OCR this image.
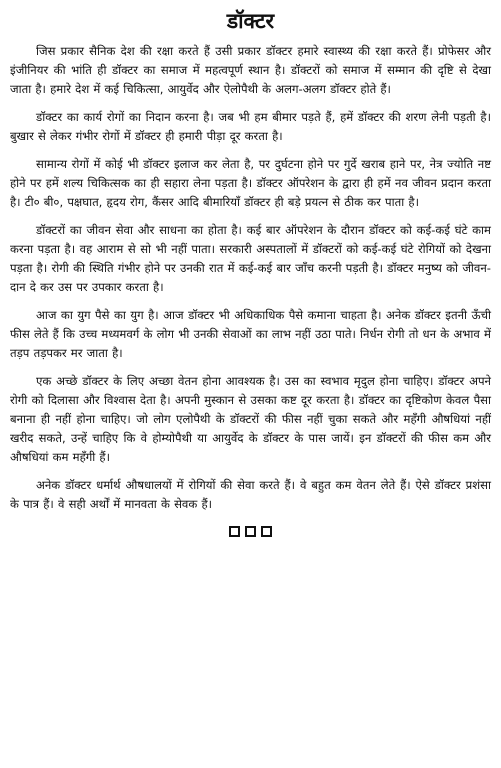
डॉक्टर

जिस प्रकार सैनिक देश की रक्षा करते हैं उसी प्रकार डॉक्टर हमारे स्वास्थ्य की रक्षा करते हैं। प्रोफेसर और इंजीनियर की भांति ही डॉक्टर का समाज में महत्वपूर्ण स्थान है। डॉक्टरों को समाज में सम्मान की दृष्टि से देखा जाता है। हमारे देश में कई चिकित्सा, आयुर्वेद और ऐलोपैथी के अलग-अलग डॉक्टर होते हैं।

डॉक्टर का कार्य रोगों का निदान करना है। जब भी हम बीमार पड़ते हैं, हमें डॉक्टर की शरण लेनी पड़ती है। बुखार से लेकर गंभीर रोगों में डॉक्टर ही हमारी पीड़ा दूर करता है।

सामान्य रोगों में कोई भी डॉक्टर इलाज कर लेता है, पर दुर्घटना होने पर गुर्दे खराब हाने पर, नेत्र ज्योति नष्ट होने पर हमें शल्य चिकित्सक का ही सहारा लेना पड़ता है। डॉक्टर ऑपरेशन के द्वारा ही हमें नव जीवन प्रदान करता है। टी० बी०, पक्षघात, हृदय रोग, कैंसर आदि बीमारियाँ डॉक्टर ही बड़े प्रयत्न से ठीक कर पाता है।

डॉक्टरों का जीवन सेवा और साधना का होता है। कई बार ऑपरेशन के दौरान डॉक्टर को कई-कई घंटे काम करना पड़ता है। वह आराम से सो भी नहीं पाता। सरकारी अस्पतालों में डॉक्टरों को कई-कई घंटे रोगियों को देखना पड़ता है। रोगी की स्थिति गंभीर होने पर उनकी रात में कई-कई बार जाँच करनी पड़ती है। डॉक्टर मनुष्य को जीवन-दान दे कर उस पर उपकार करता है।

आज का युग पैसे का युग है। आज डॉक्टर भी अधिकाधिक पैसे कमाना चाहता है। अनेक डॉक्टर इतनी ऊँची फीस लेते हैं कि उच्च मध्यमवर्ग के लोग भी उनकी सेवाओं का लाभ नहीं उठा पाते। निर्धन रोगी तो धन के अभाव में तड़प तड़पकर मर जाता है।

एक अच्छे डॉक्टर के लिए अच्छा वेतन होना आवश्यक है। उस का स्वभाव मृदुल होना चाहिए। डॉक्टर अपने रोगी को दिलासा और विश्वास देता है। अपनी मुस्कान से उसका कष्ट दूर करता है। डॉक्टर का दृष्टिकोण केवल पैसा बनाना ही नहीं होना चाहिए। जो लोग एलोपैथी के डॉक्टरों की फीस नहीं चुका सकते और महँगी औषधियां नहीं खरीद सकते, उन्हें चाहिए कि वे होम्योपैथी या आयुर्वेद के डॉक्टर के पास जायें। इन डॉक्टरों की फीस कम और औषधियां कम महँगी हैं।

अनेक डॉक्टर धर्मार्थ औषधालयों में रोगियों की सेवा करते हैं। वे बहुत कम वेतन लेते हैं। ऐसे डॉक्टर प्रशंसा के पात्र हैं। वे सही अर्थों में मानवता के सेवक हैं।
